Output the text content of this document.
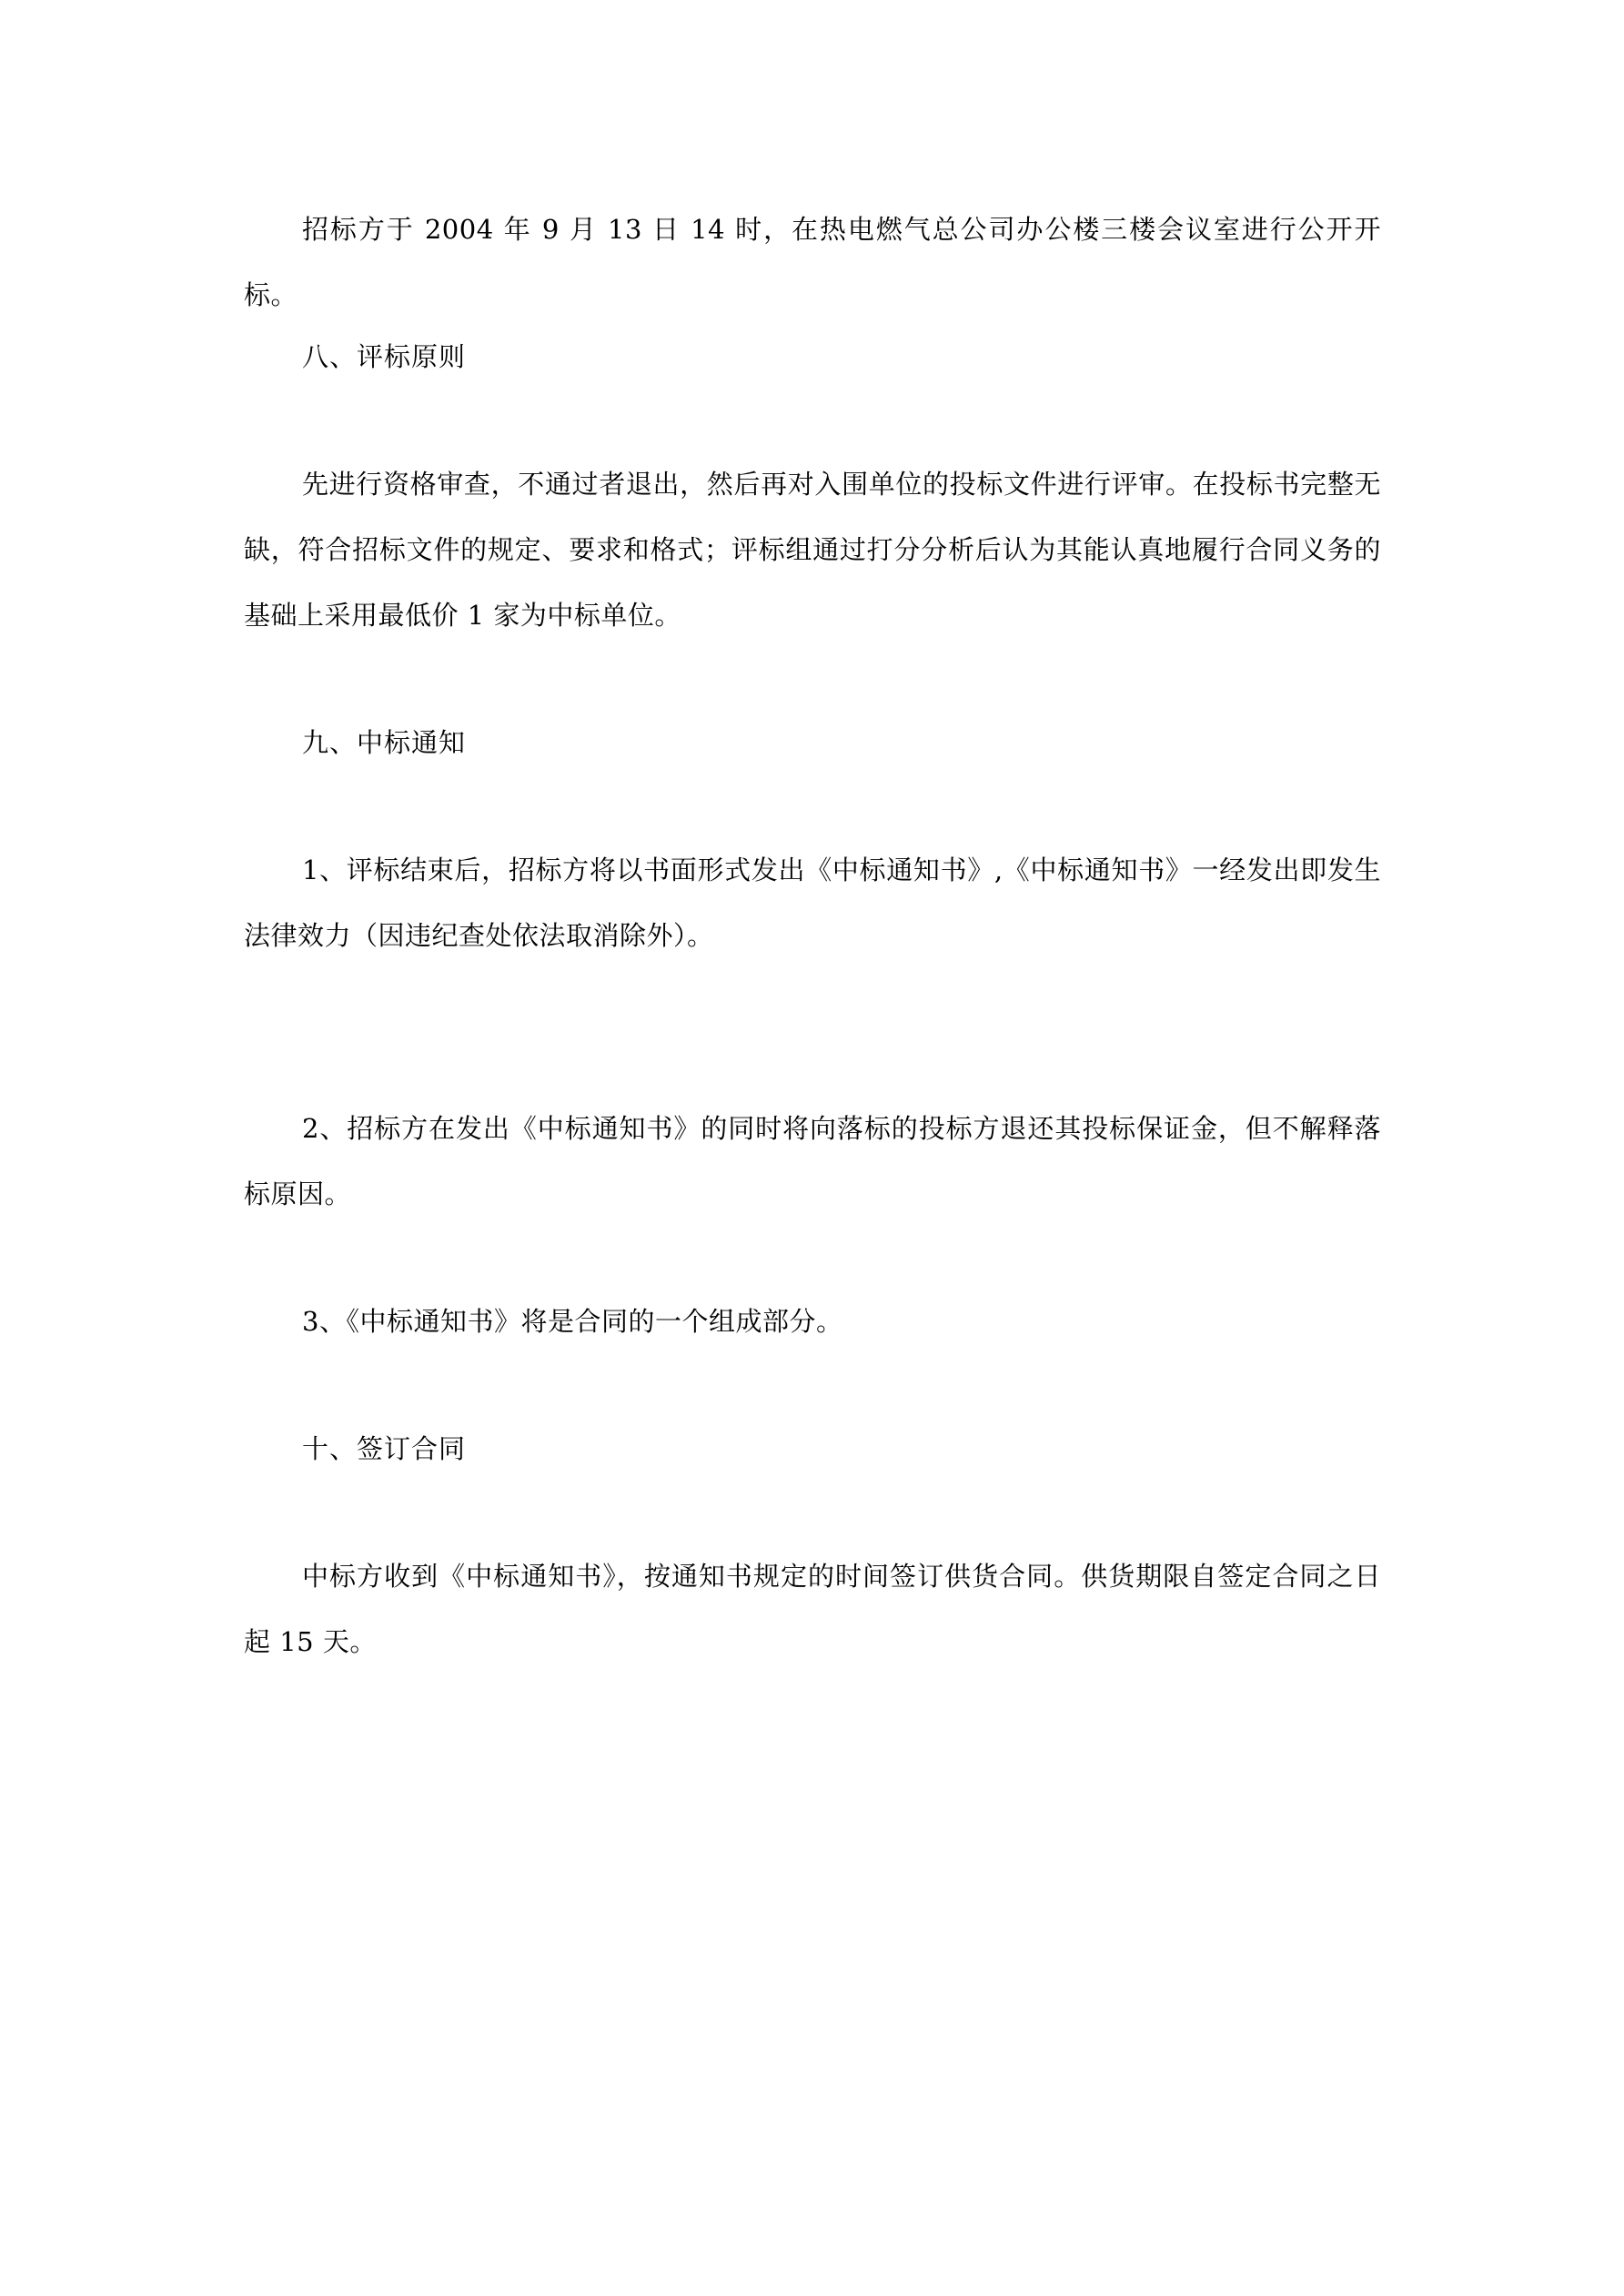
招标方于 2004 年 9 月 13 日 14 时，在热电燃气总公司办公楼三楼会议室进行公开开标。

八、评标原则

先进行资格审查，不通过者退出，然后再对入围单位的投标文件进行评审。在投标书完整无缺，符合招标文件的规定、要求和格式；评标组通过打分分析后认为其能认真地履行合同义务的基础上采用最低价 1 家为中标单位。

九、中标通知

1、评标结束后，招标方将以书面形式发出《中标通知书》,《中标通知书》一经发出即发生法律效力（因违纪查处依法取消除外）。

2、招标方在发出《中标通知书》的同时将向落标的投标方退还其投标保证金，但不解释落标原因。

3、《中标通知书》将是合同的一个组成部分。

十、签订合同

中标方收到《中标通知书》，按通知书规定的时间签订供货合同。供货期限自签定合同之日起 15 天。
